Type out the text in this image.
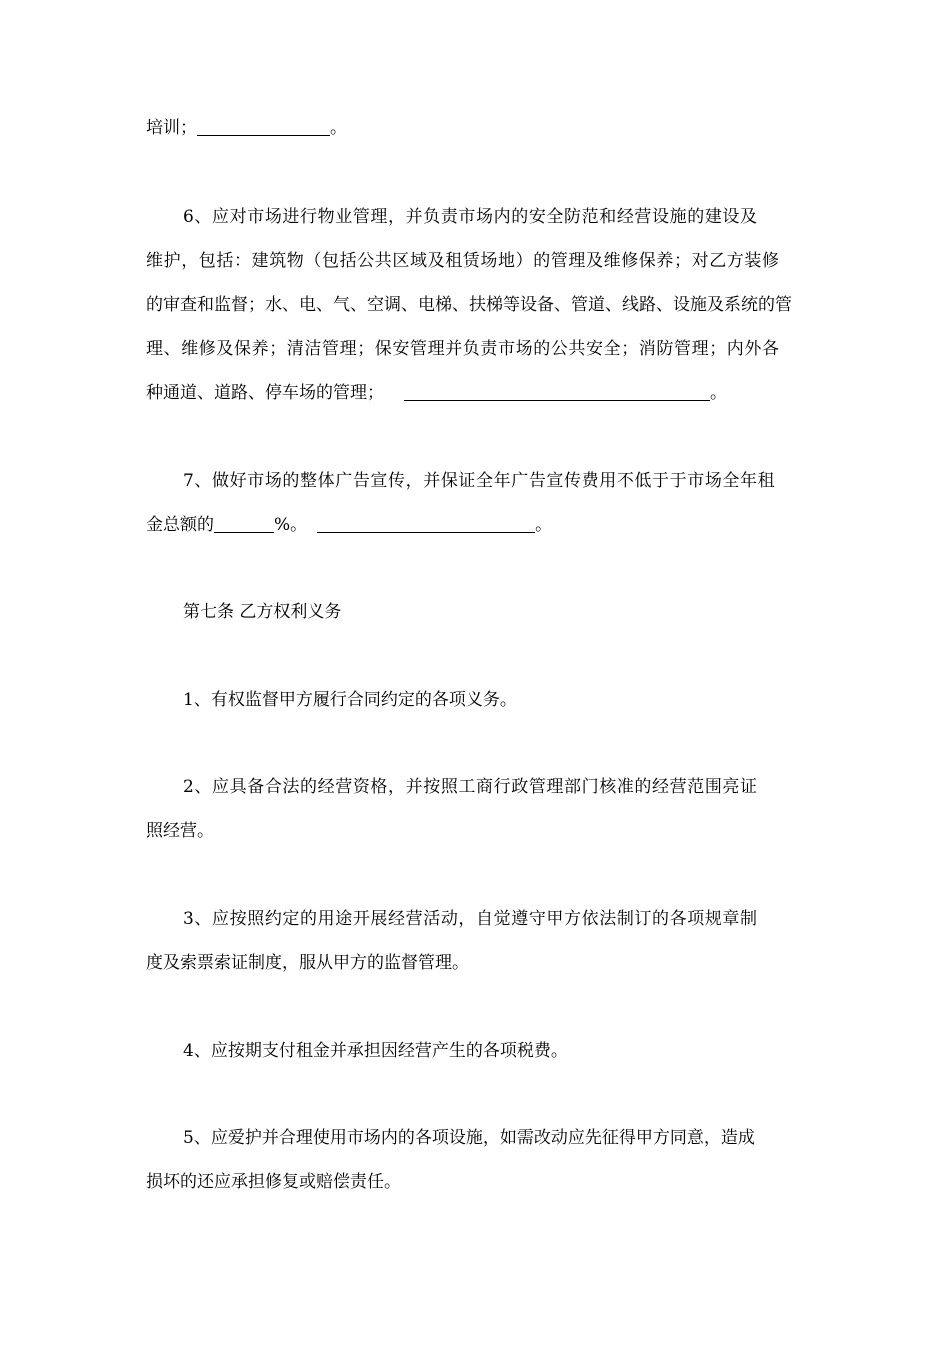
培训；	。
6、应对市场进行物业管理，并负责市场内的安全防范和经营设施的建设及
维护，包括：建筑物（包括公共区域及租赁场地）的管理及维修保养；对乙方装修
的审查和监督；水、电、气、空调、电梯、扶梯等设备、管道、线路、设施及系统的管
理、维修及保养；清洁管理；保安管理并负责市场的公共安全；消防管理；内外各
种通道、道路、停车场的管理；	。
7、做好市场的整体广告宣传，并保证全年广告宣传费用不低于于市场全年租
金总额的	%。	。
第七条 乙方权利义务
1、有权监督甲方履行合同约定的各项义务。
2、应具备合法的经营资格，并按照工商行政管理部门核准的经营范围亮证
照经营。
3、应按照约定的用途开展经营活动，自觉遵守甲方依法制订的各项规章制
度及索票索证制度，服从甲方的监督管理。
4、应按期支付租金并承担因经营产生的各项税费。
5、应爱护并合理使用市场内的各项设施，如需改动应先征得甲方同意，造成
损坏的还应承担修复或赔偿责任。
